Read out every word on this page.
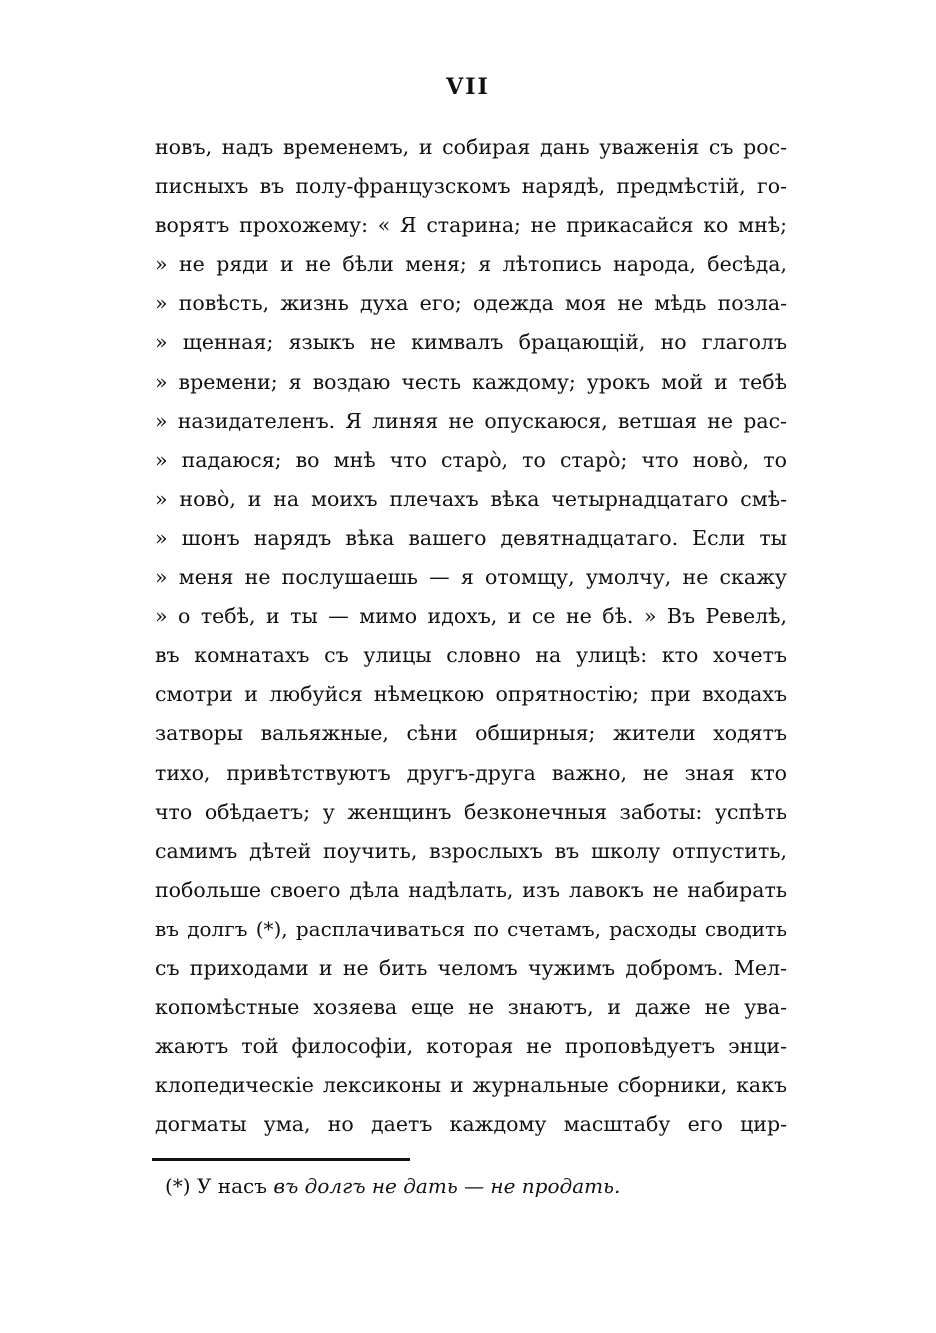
VII
новъ, надъ временемъ, и собирая дань уваженія съ рос-
писныхъ въ полу-французскомъ нарядѣ, предмѣстій, го-
ворятъ прохожему: « Я старина; не прикасайся ко мнѣ;
» не ряди и не бѣли меня; я лѣтопись народа, бесѣда,
» повѣсть, жизнь духа его; одежда моя не мѣдь позла-
» щенная; языкъ не кимвалъ брацающій, но глаголъ
» времени; я воздаю честь каждому; урокъ мой и тебѣ
» назидателенъ. Я линяя не опускаюся, ветшая не рас-
» падаюся; во мнѣ что старо̀, то старо̀; что ново̀, то
» ново̀, и на моихъ плечахъ вѣка четырнадцатаго смѣ-
» шонъ нарядъ вѣка вашего девятнадцатаго. Если ты
» меня не послушаешь — я отомщу, умолчу, не скажу
» о тебѣ, и ты — мимо идохъ, и се не бѣ. » Въ Ревелѣ,
въ комнатахъ съ улицы словно на улицѣ: кто хочетъ
смотри и любуйся нѣмецкою опрятностію; при входахъ
затворы вальяжные, сѣни обширныя; жители ходятъ
тихо, привѣтствуютъ другъ-друга важно, не зная кто
что обѣдаетъ; у женщинъ безконечныя заботы: успѣть
самимъ дѣтей поучить, взрослыхъ въ школу отпустить,
побольше своего дѣла надѣлать, изъ лавокъ не набирать
въ долгъ (*), расплачиваться по счетамъ, расходы сводить
съ приходами и не бить челомъ чужимъ добромъ. Мел-
копомѣстные хозяева еще не знаютъ, и даже не ува-
жаютъ той философіи, которая не проповѣдуетъ энци-
клопедическіе лексиконы и журнальные сборники, какъ
догматы ума, но даетъ каждому масштабу его цир-
(*) У насъ въ долгъ не дать — не продать.
